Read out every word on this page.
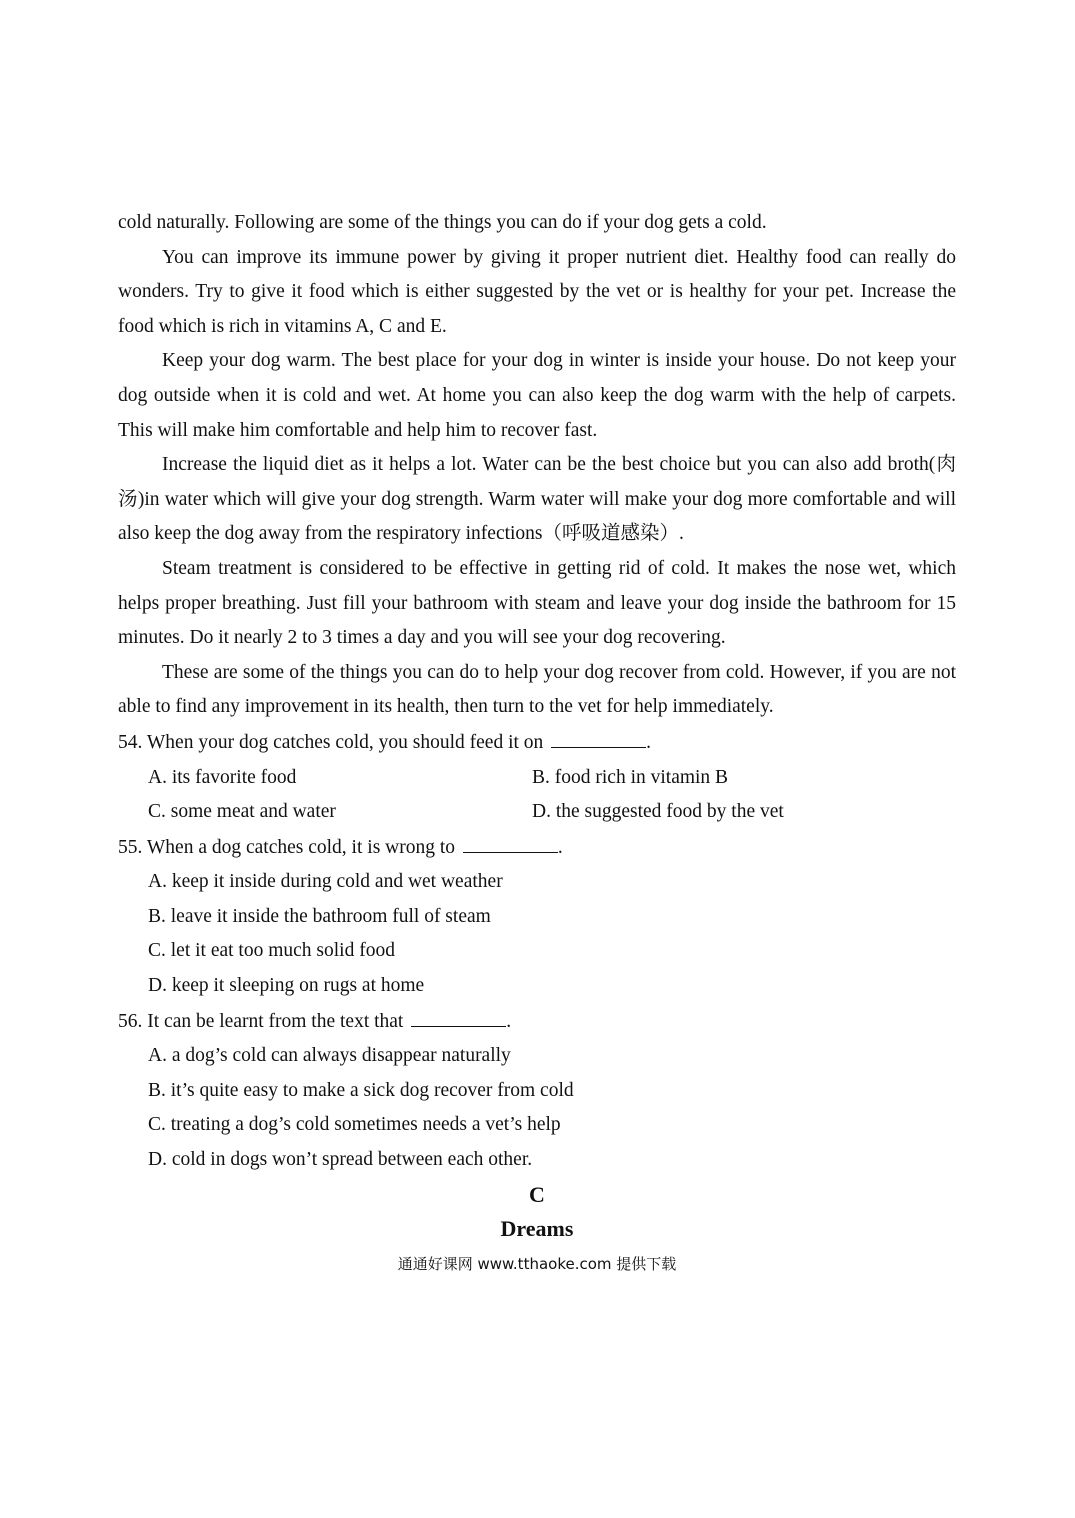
cold naturally. Following are some of the things you can do if your dog gets a cold.

You can improve its immune power by giving it proper nutrient diet. Healthy food can really do wonders. Try to give it food which is either suggested by the vet or is healthy for your pet. Increase the food which is rich in vitamins A, C and E.

Keep your dog warm. The best place for your dog in winter is inside your house. Do not keep your dog outside when it is cold and wet. At home you can also keep the dog warm with the help of carpets. This will make him comfortable and help him to recover fast.

Increase the liquid diet as it helps a lot. Water can be the best choice but you can also add broth(肉汤)in water which will give your dog strength. Warm water will make your dog more comfortable and will also keep the dog away from the respiratory infections（呼吸道感染）.

Steam treatment is considered to be effective in getting rid of cold. It makes the nose wet, which helps proper breathing. Just fill your bathroom with steam and leave your dog inside the bathroom for 15 minutes. Do it nearly 2 to 3 times a day and you will see your dog recovering.

These are some of the things you can do to help your dog recover from cold. However, if you are not able to find any improvement in its health, then turn to the vet for help immediately.

54. When your dog catches cold, you should feed it on	.
A. its favorite food	B. food rich in vitamin B
C. some meat and water	D. the suggested food by the vet
55. When a dog catches cold, it is wrong to	.
A. keep it inside during cold and wet weather
B. leave it inside the bathroom full of steam
C. let it eat too much solid food
D. keep it sleeping on rugs at home
56. It can be learnt from the text that	.
A. a dog’s cold can always disappear naturally
B. it’s quite easy to make a sick dog recover from cold
C. treating a dog’s cold sometimes needs a vet’s help
D. cold in dogs won’t spread between each other.
C
Dreams
通通好课网 www.tthaoke.com 提供下载
